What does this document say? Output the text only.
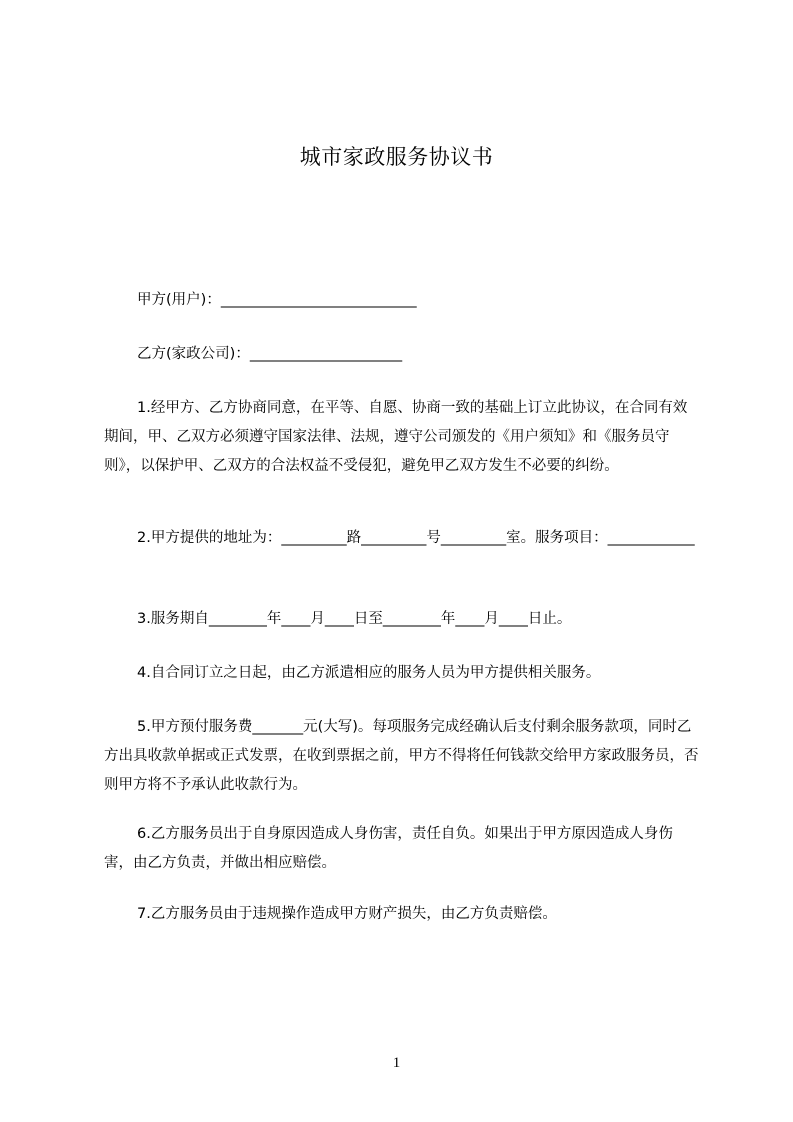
城市家政服务协议书
甲方(用户)：___________________________
乙方(家政公司)：_____________________
1.经甲方、乙方协商同意，在平等、自愿、协商一致的基础上订立此协议，在合同有效期间，甲、乙双方必须遵守国家法律、法规，遵守公司颁发的《用户须知》和《服务员守则》，以保护甲、乙双方的合法权益不受侵犯，避免甲乙双方发生不必要的纠纷。
2.甲方提供的地址为：_________路_________号_________室。服务项目：____________
3.服务期自________年____月____日至________年____月____日止。
4.自合同订立之日起，由乙方派遣相应的服务人员为甲方提供相关服务。
5.甲方预付服务费_______元(大写)。每项服务完成经确认后支付剩余服务款项，同时乙方出具收款单据或正式发票，在收到票据之前，甲方不得将任何钱款交给甲方家政服务员，否则甲方将不予承认此收款行为。
6.乙方服务员出于自身原因造成人身伤害，责任自负。如果出于甲方原因造成人身伤害，由乙方负责，并做出相应赔偿。
7.乙方服务员由于违规操作造成甲方财产损失，由乙方负责赔偿。
1
